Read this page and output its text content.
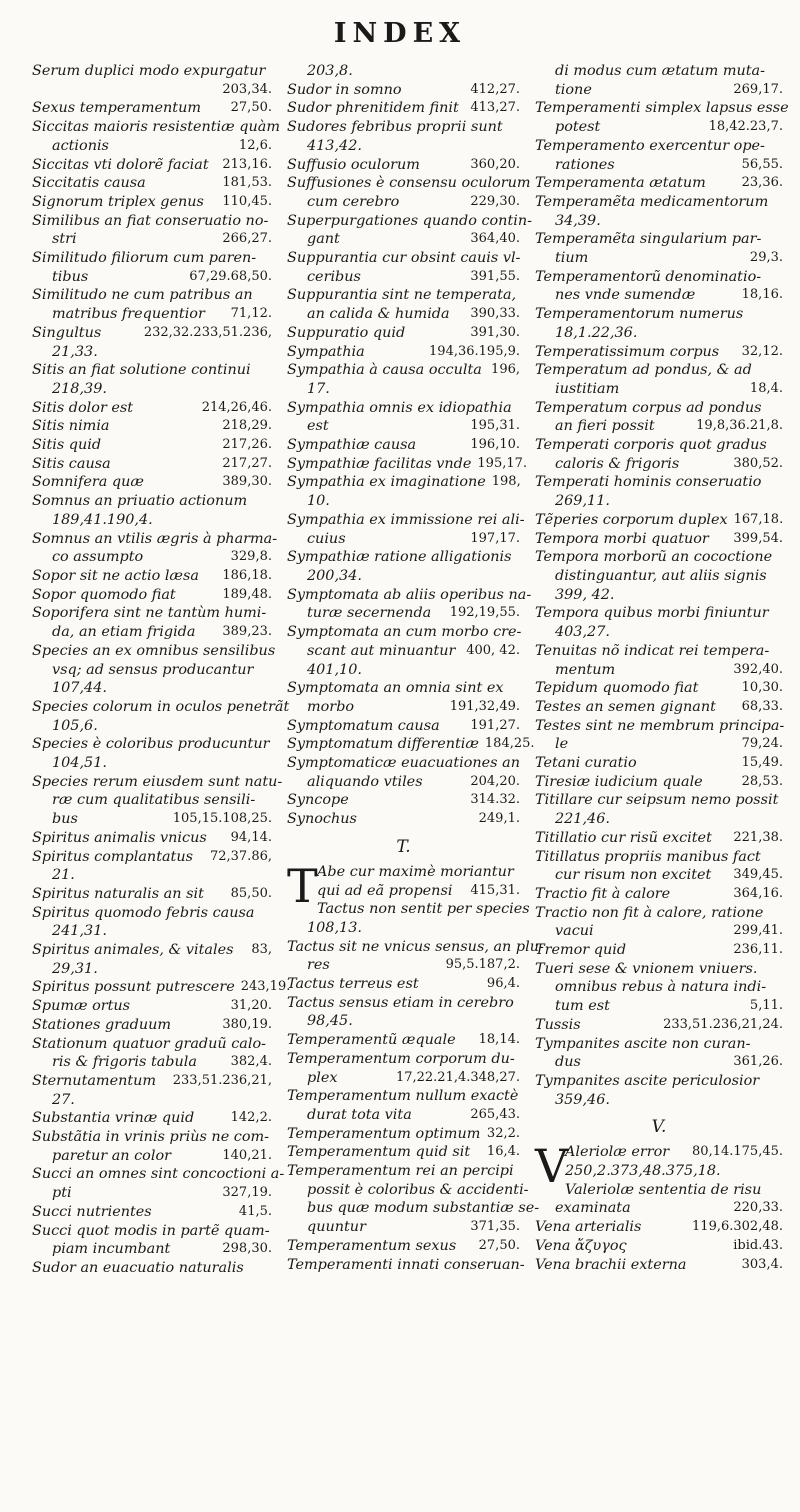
INDEX
Serum duplici modo expurgatur
203,34.
Sexus temperamentum	27,50.
Siccitas maioris resistentiæ quàm
actionis	12,6.
Siccitas vti dolorẽ faciat	213,16.
Siccitatis causa	181,53.
Signorum triplex genus	110,45.
Similibus an fiat conseruatio no-
stri	266,27.
Similitudo filiorum cum paren-
tibus	67,29.68,50.
Similitudo ne cum patribus an
matribus frequentior	71,12.
Singultus	232,32.233,51.236,
21,33.
Sitis an fiat solutione continui
218,39.
Sitis dolor est	214,26,46.
Sitis nimia	218,29.
Sitis quid	217,26.
Sitis causa	217,27.
Somnifera quæ	389,30.
Somnus an priuatio actionum
189,41.190,4.
Somnus an vtilis ægris à pharma-
co assumpto	329,8.
Sopor sit ne actio læsa	186,18.
Sopor quomodo fiat	189,48.
Soporifera sint ne tantùm humi-
da, an etiam frigida	389,23.
Species an ex omnibus sensilibus
vsq; ad sensus producantur
107,44.
Species colorum in oculos penetrãt
105,6.
Species è coloribus producuntur
104,51.
Species rerum eiusdem sunt natu-
ræ cum qualitatibus sensili-
bus	105,15.108,25.
Spiritus animalis vnicus	94,14.
Spiritus complantatus	72,37.86,
21.
Spiritus naturalis an sit	85,50.
Spiritus quomodo febris causa
241,31.
Spiritus animales, & vitales	83,
29,31.
Spiritus possunt putrescere 243,19.
Spumæ ortus	31,20.
Stationes graduum	380,19.
Stationum quatuor graduũ calo-
ris & frigoris tabula	382,4.
Sternutamentum	233,51.236,21,
27.
Substantia vrinæ quid	142,2.
Substãtia in vrinis priùs ne com-
paretur an color	140,21.
Succi an omnes sint concoctioni a-
pti	327,19.
Succi nutrientes	41,5.
Succi quot modis in partẽ quam-
piam incumbant	298,30.
Sudor an euacuatio naturalis
203,8.
Sudor in somno	412,27.
Sudor phrenitidem finit 413,27.
Sudores febribus proprii sunt
413,42.
Suffusio oculorum	360,20.
Suffusiones è consensu oculorum
cum cerebro	229,30.
Superpurgationes quando contin-
gant	364,40.
Suppurantia cur obsint cauis vl-
ceribus	391,55.
Suppurantia sint ne temperata,
an calida & humida	390,33.
Suppuratio quid	391,30.
Sympathia	194,36.195,9.
Sympathia à causa occulta 196,
17.
Sympathia omnis ex idiopathia
est	195,31.
Sympathiæ causa	196,10.
Sympathiæ facilitas vnde 195,17.
Sympathia ex imaginatione 198,
10.
Sympathia ex immissione rei ali-
cuius	197,17.
Sympathiæ ratione alligationis
200,34.
Symptomata ab aliis operibus na-
turæ secernenda	192,19,55.
Symptomata an cum morbo cre-
scant aut minuantur 400, 42.
401,10.
Symptomata an omnia sint ex
morbo	191,32,49.
Symptomatum causa	191,27.
Symptomatum differentiæ 184,25.
Symptomaticæ euacuationes an
aliquando vtiles	204,20.
Syncope	314.32.
Synochus	249,1.
T.
T Abe cur maximè moriantur
qui ad eã propensi	415,31.
Tactus non sentit per species
108,13.
Tactus sit ne vnicus sensus, an plu-
res	95,5.187,2.
Tactus terreus est	96,4.
Tactus sensus etiam in cerebro
98,45.
Temperamentũ æquale	18,14.
Temperamentum corporum du-
plex	17,22.21,4.348,27.
Temperamentum nullum exactè
durat tota vita	265,43.
Temperamentum optimum 32,2.
Temperamentum quid sit	16,4.
Temperamentum rei an percipi
possit è coloribus & accidenti-
bus quæ modum substantiæ se-
quuntur	371,35.
Temperamentum sexus	27,50.
Temperamenti innati conseruan-
di modus cum ætatum muta-
tione	269,17.
Temperamenti simplex lapsus esse
potest	18,42.23,7.
Temperamento exercentur ope-
rationes	56,55.
Temperamenta ætatum	23,36.
Temperamẽta medicamentorum
34,39.
Temperamẽta singularium par-
tium	29,3.
Temperamentorũ denominatio-
nes vnde sumendæ	18,16.
Temperamentorum numerus
18,1.22,36.
Temperatissimum corpus	32,12.
Temperatum ad pondus, & ad
iustitiam	18,4.
Temperatum corpus ad pondus
an fieri possit	19,8,36.21,8.
Temperati corporis quot gradus
caloris & frigoris	380,52.
Temperati hominis conseruatio
269,11.
Tẽperies corporum duplex 167,18.
Tempora morbi quatuor	399,54.
Tempora morborũ an cococtione
distinguantur, aut aliis signis
399, 42.
Tempora quibus morbi finiuntur
403,27.
Tenuitas nõ indicat rei tempera-
mentum	392,40.
Tepidum quomodo fiat	10,30.
Testes an semen gignant	68,33.
Testes sint ne membrum principa-
le	79,24.
Tetani curatio	15,49.
Tiresiæ iudicium quale	28,53.
Titillare cur seipsum nemo possit
221,46.
Titillatio cur risũ excitet	221,38.
Titillatus propriis manibus fact
cur risum non excitet	349,45.
Tractio fit à calore	364,16.
Tractio non fit à calore, ratione
vacui	299,41.
Tremor quid	236,11.
Tueri sese & vnionem vniuers.
omnibus rebus à natura indi-
tum est	5,11.
Tussis	233,51.236,21,24.
Tympanites ascite non curan-
dus	361,26.
Tympanites ascite periculosior
359,46.
V.
V
Aleriolæ error	80,14.175,45.
250,2.373,48.375,18.
Valeriolæ sententia de risu
examinata	220,33.
Vena arterialis	119,6.302,48.
Vena ἄζυγος	ibid.43.
Vena brachii externa	303,4.
